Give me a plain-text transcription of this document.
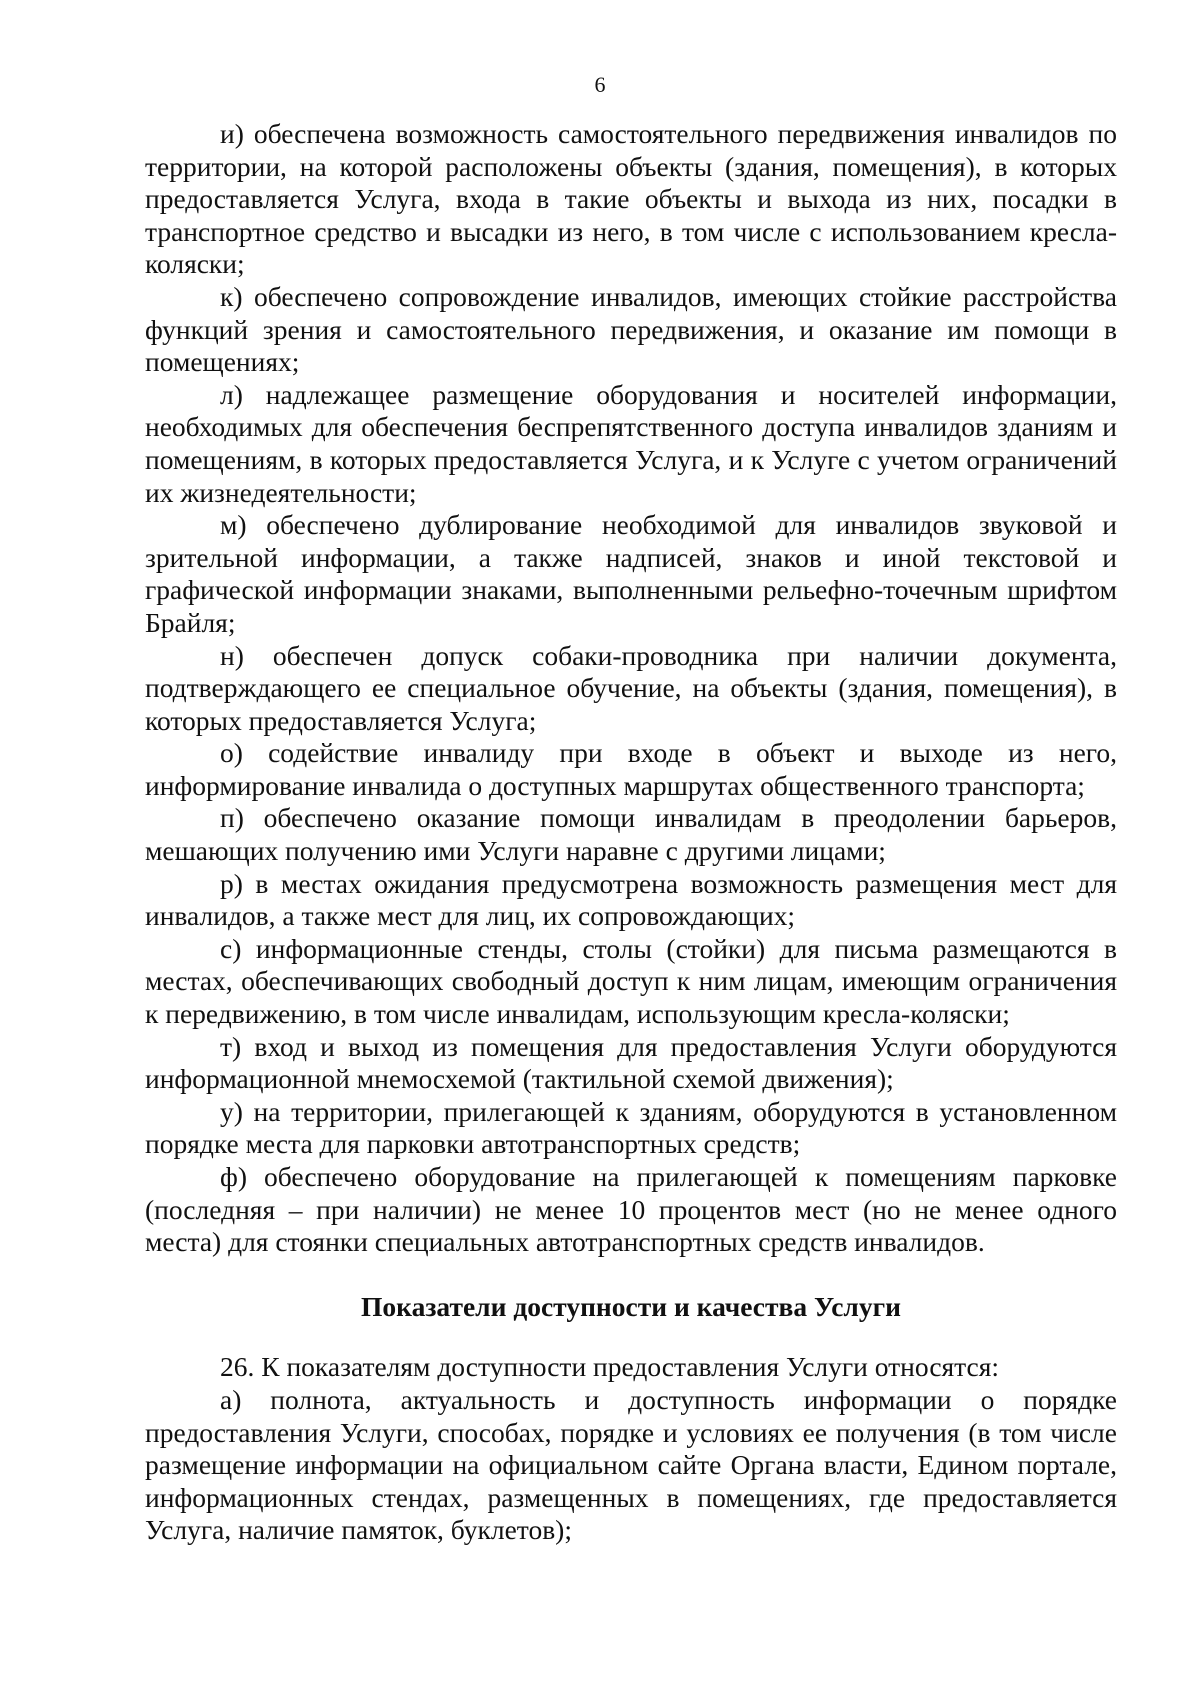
6

и) обеспечена возможность самостоятельного передвижения инвалидов по территории, на которой расположены объекты (здания, помещения), в которых предоставляется Услуга, входа в такие объекты и выхода из них, посадки в транспортное средство и высадки из него, в том числе с использованием кресла-коляски;

к) обеспечено сопровождение инвалидов, имеющих стойкие расстройства функций зрения и самостоятельного передвижения, и оказание им помощи в помещениях;

л) надлежащее размещение оборудования и носителей информации, необходимых для обеспечения беспрепятственного доступа инвалидов зданиям и помещениям, в которых предоставляется Услуга, и к Услуге с учетом ограничений их жизнедеятельности;

м) обеспечено дублирование необходимой для инвалидов звуковой и зрительной информации, а также надписей, знаков и иной текстовой и графической информации знаками, выполненными рельефно-точечным шрифтом Брайля;

н) обеспечен допуск собаки-проводника при наличии документа, подтверждающего ее специальное обучение, на объекты (здания, помещения), в которых предоставляется Услуга;

о) содействие инвалиду при входе в объект и выходе из него, информирование инвалида о доступных маршрутах общественного транспорта;

п) обеспечено оказание помощи инвалидам в преодолении барьеров, мешающих получению ими Услуги наравне с другими лицами;

р) в местах ожидания предусмотрена возможность размещения мест для инвалидов, а также мест для лиц, их сопровождающих;

с) информационные стенды, столы (стойки) для письма размещаются в местах, обеспечивающих свободный доступ к ним лицам, имеющим ограничения к передвижению, в том числе инвалидам, использующим кресла-коляски;

т) вход и выход из помещения для предоставления Услуги оборудуются информационной мнемосхемой (тактильной схемой движения);

у) на территории, прилегающей к зданиям, оборудуются в установленном порядке места для парковки автотранспортных средств;

ф) обеспечено оборудование на прилегающей к помещениям парковке (последняя – при наличии) не менее 10 процентов мест (но не менее одного места) для стоянки специальных автотранспортных средств инвалидов.

Показатели доступности и качества Услуги

26. К показателям доступности предоставления Услуги относятся:

а) полнота, актуальность и доступность информации о порядке предоставления Услуги, способах, порядке и условиях ее получения (в том числе размещение информации на официальном сайте Органа власти, Едином портале, информационных стендах, размещенных в помещениях, где предоставляется Услуга, наличие памяток, буклетов);
